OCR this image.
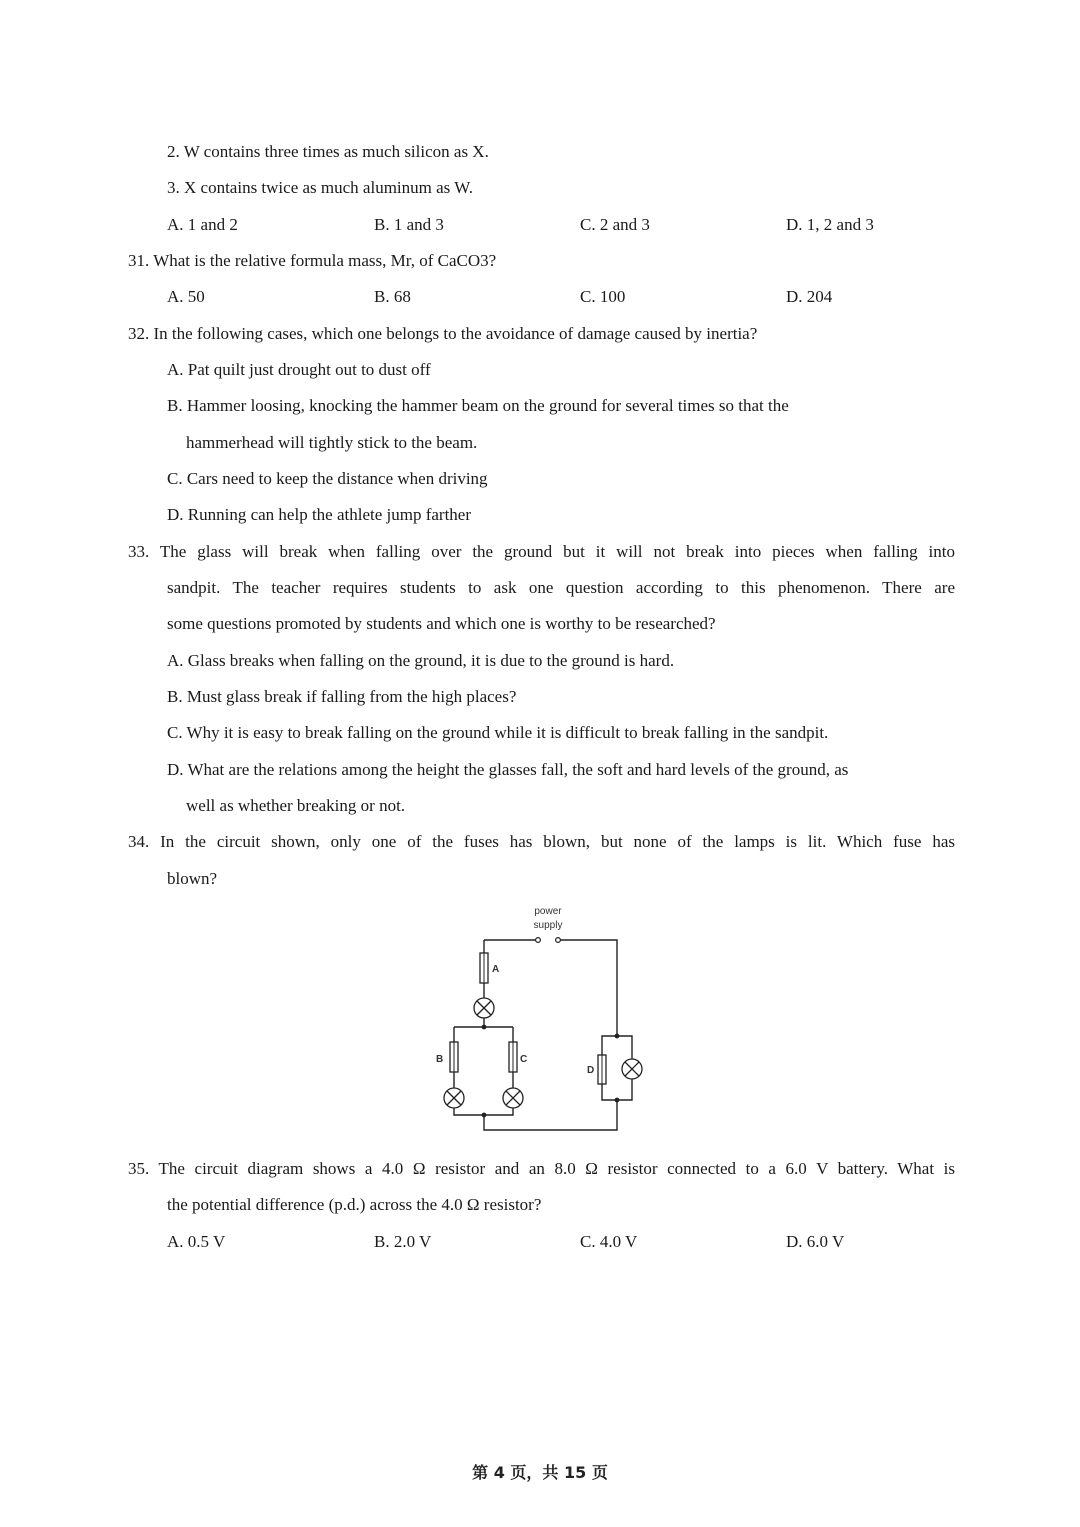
2. W contains three times as much silicon as X.
3. X contains twice as much aluminum as W.
A. 1 and 2	B. 1 and 3	C. 2 and 3	D. 1, 2 and 3
31. What is the relative formula mass, Mr, of CaCO3?
A. 50	B. 68	C. 100	D. 204
32. In the following cases, which one belongs to the avoidance of damage caused by inertia?
A. Pat quilt just drought out to dust off
B. Hammer loosing, knocking the hammer beam on the ground for several times so that the
hammerhead will tightly stick to the beam.
C. Cars need to keep the distance when driving
D. Running can help the athlete jump farther
33. The glass will break when falling over the ground but it will not break into pieces when falling into
sandpit. The teacher requires students to ask one question according to this phenomenon. There are
some questions promoted by students and which one is worthy to be researched?
A. Glass breaks when falling on the ground, it is due to the ground is hard.
B. Must glass break if falling from the high places?
C. Why it is easy to break falling on the ground while it is difficult to break falling in the sandpit.
D. What are the relations among the height the glasses fall, the soft and hard levels of the ground, as
well as whether breaking or not.
34. In the circuit shown, only one of the fuses has blown, but none of the lamps is lit. Which fuse has
blown?
power
supply
A
B	C
D
35. The circuit diagram shows a 4.0 Ω resistor and an 8.0 Ω resistor connected to a 6.0 V battery. What is
the potential difference (p.d.) across the 4.0 Ω resistor?
A. 0.5 V	B. 2.0 V	C. 4.0 V	D. 6.0 V
第 4 页，共 15 页
